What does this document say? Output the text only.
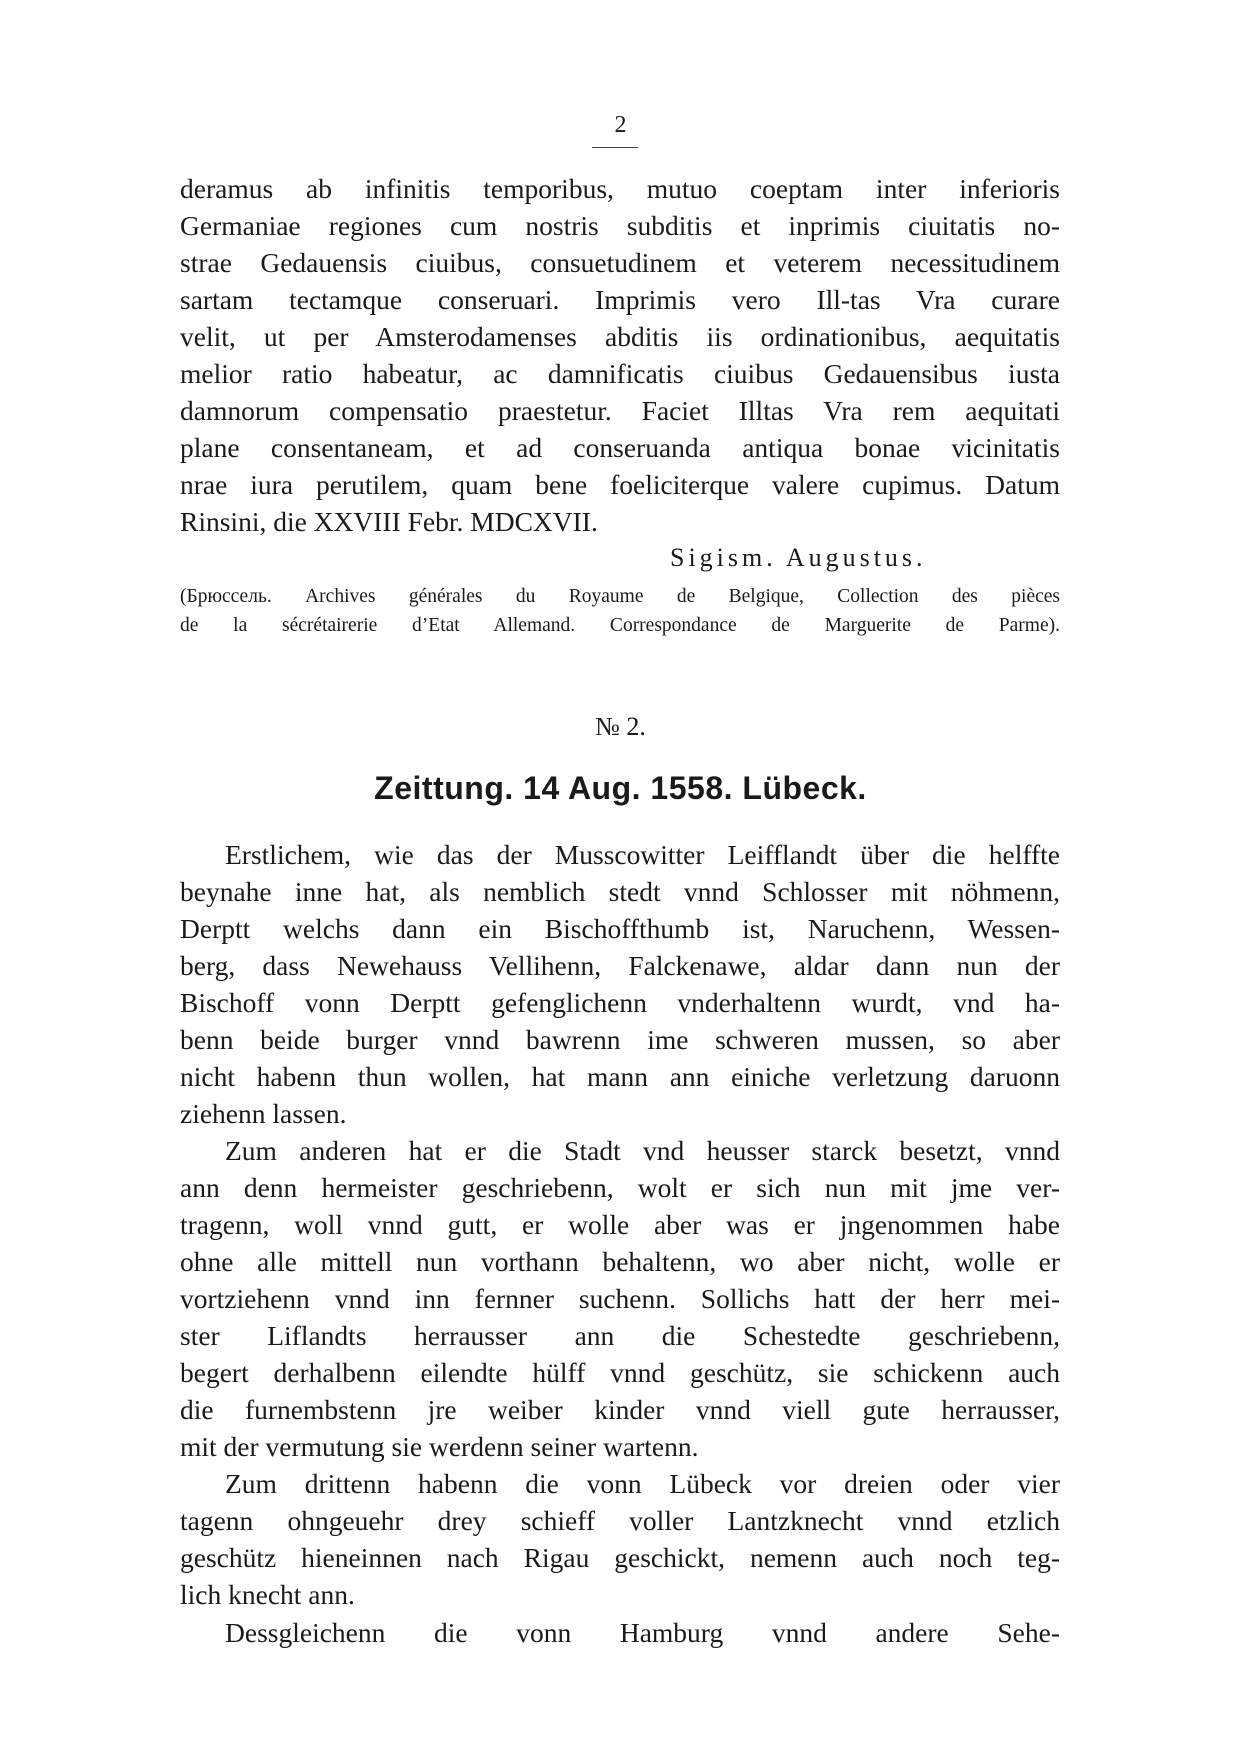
2
deramus ab infinitis temporibus, mutuo coeptam inter inferioris
Germaniae regiones cum nostris subditis et inprimis ciuitatis no-
strae Gedauensis ciuibus, consuetudinem et veterem necessitudinem
sartam tectamque conseruari. Imprimis vero Ill-tas Vra curare
velit, ut per Amsterodamenses abditis iis ordinationibus, aequitatis
melior ratio habeatur, ac damnificatis ciuibus Gedauensibus iusta
damnorum compensatio praestetur. Faciet Illtas Vra rem aequitati
plane consentaneam, et ad conseruanda antiqua bonae vicinitatis
nrae iura perutilem, quam bene foeliciterque valere cupimus. Datum
Rinsini, die XXVIII Febr. MDCXVII.
Sigism. Augustus.
(Брюссель. Archives générales du Royaume de Belgique, Collection des pièces
de la sécrétairerie d’Etat Allemand. Correspondance de Marguerite de Parme).
№ 2.
Zeittung. 14 Aug. 1558. Lübeck.
Erstlichem, wie das der Musscowitter Leifflandt über die helffte
beynahe inne hat, als nemblich stedt vnnd Schlosser mit nöhmenn,
Derptt welchs dann ein Bischoffthumb ist, Naruchenn, Wessen-
berg, dass Newehauss Vellihenn, Falckenawe, aldar dann nun der
Bischoff vonn Derptt gefenglichenn vnderhaltenn wurdt, vnd ha-
benn beide burger vnnd bawrenn ime schweren mussen, so aber
nicht habenn thun wollen, hat mann ann einiche verletzung daruonn
ziehenn lassen.
Zum anderen hat er die Stadt vnd heusser starck besetzt, vnnd
ann denn hermeister geschriebenn, wolt er sich nun mit jme ver-
tragenn, woll vnnd gutt, er wolle aber was er jngenommen habe
ohne alle mittell nun vorthann behaltenn, wo aber nicht, wolle er
vortziehenn vnnd inn fernner suchenn. Sollichs hatt der herr mei-
ster Liflandts herrausser ann die Schestedte geschriebenn,
begert derhalbenn eilendte hülff vnnd geschütz, sie schickenn auch
die furnembstenn jre weiber kinder vnnd viell gute herrausser,
mit der vermutung sie werdenn seiner wartenn.
Zum drittenn habenn die vonn Lübeck vor dreien oder vier
tagenn ohngeuehr drey schieff voller Lantzknecht vnnd etzlich
geschütz hieneinnen nach Rigau geschickt, nemenn auch noch teg-
lich knecht ann.
Dessgleichenn die vonn Hamburg vnnd andere Sehe-
